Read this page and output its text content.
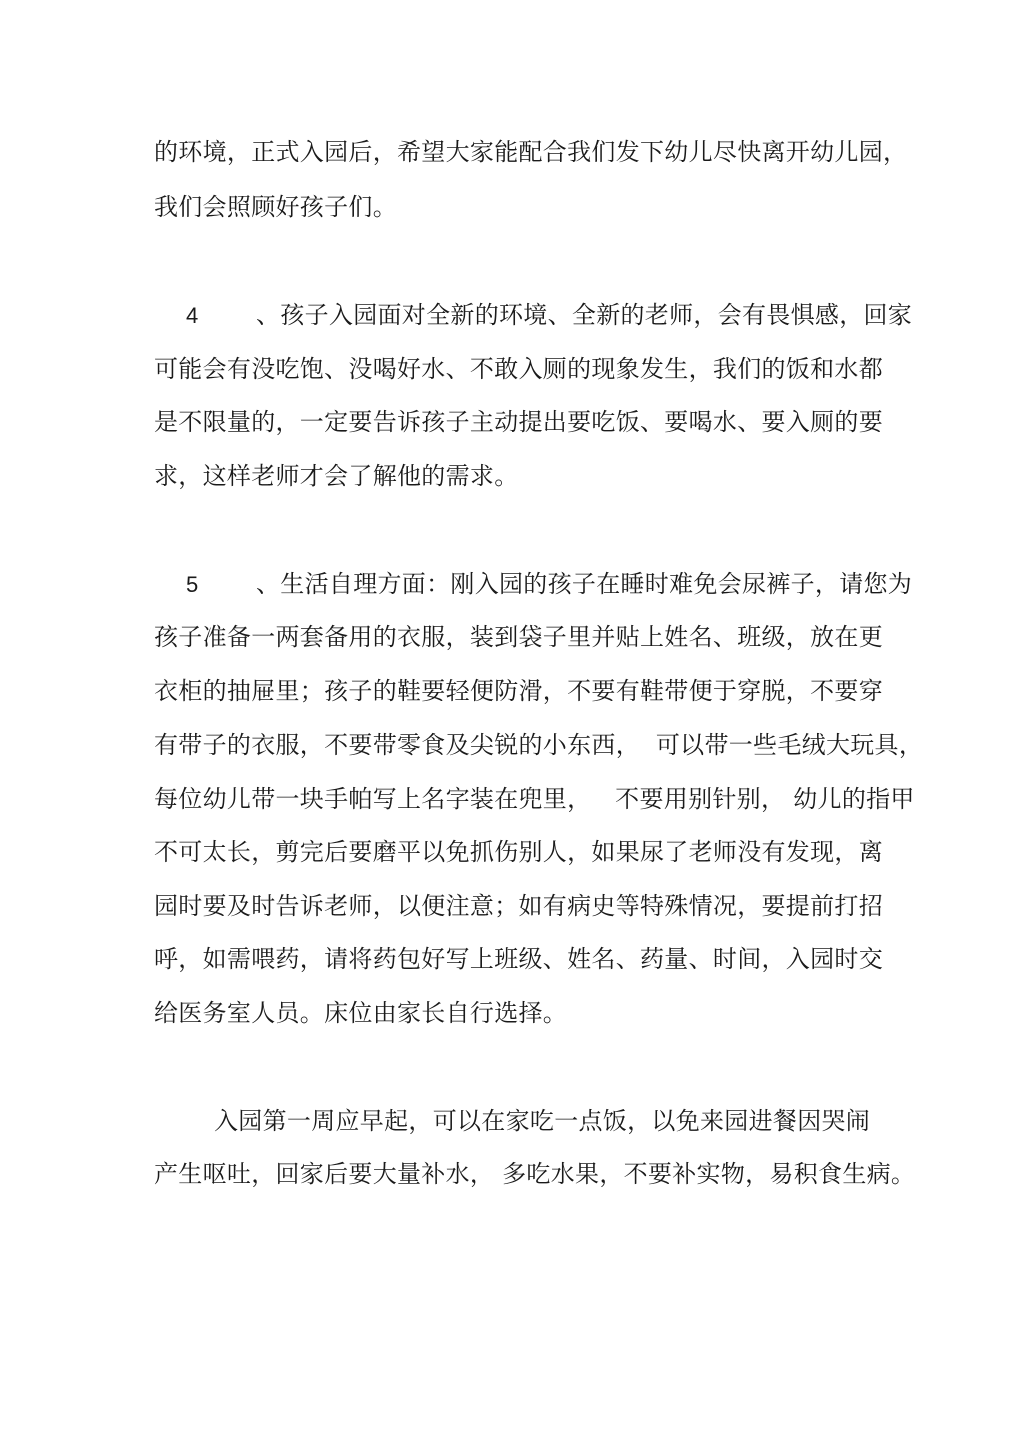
的环境，正式入园后，希望大家能配合我们发下幼儿尽快离开幼儿园，
我们会照顾好孩子们。
4 、孩子入园面对全新的环境、全新的老师，会有畏惧感，回家
可能会有没吃饱、没喝好水、不敢入厕的现象发生，我们的饭和水都
是不限量的，一定要告诉孩子主动提出要吃饭、要喝水、要入厕的要
求，这样老师才会了解他的需求。
5 、生活自理方面：刚入园的孩子在睡时难免会尿裤子，请您为
孩子准备一两套备用的衣服，装到袋子里并贴上姓名、班级，放在更
衣柜的抽屉里；孩子的鞋要轻便防滑，不要有鞋带便于穿脱，不要穿
有带子的衣服，不要带零食及尖锐的小东西，  可以带一些毛绒大玩具，
每位幼儿带一块手帕写上名字装在兜里，   不要用别针别， 幼儿的指甲
不可太长，剪完后要磨平以免抓伤别人，如果尿了老师没有发现，离
园时要及时告诉老师，以便注意；如有病史等特殊情况，要提前打招
呼，如需喂药，请将药包好写上班级、姓名、药量、时间，入园时交
给医务室人员。床位由家长自行选择。
入园第一周应早起，可以在家吃一点饭，以免来园进餐因哭闹
产生呕吐，回家后要大量补水， 多吃水果，不要补实物，易积食生病。
